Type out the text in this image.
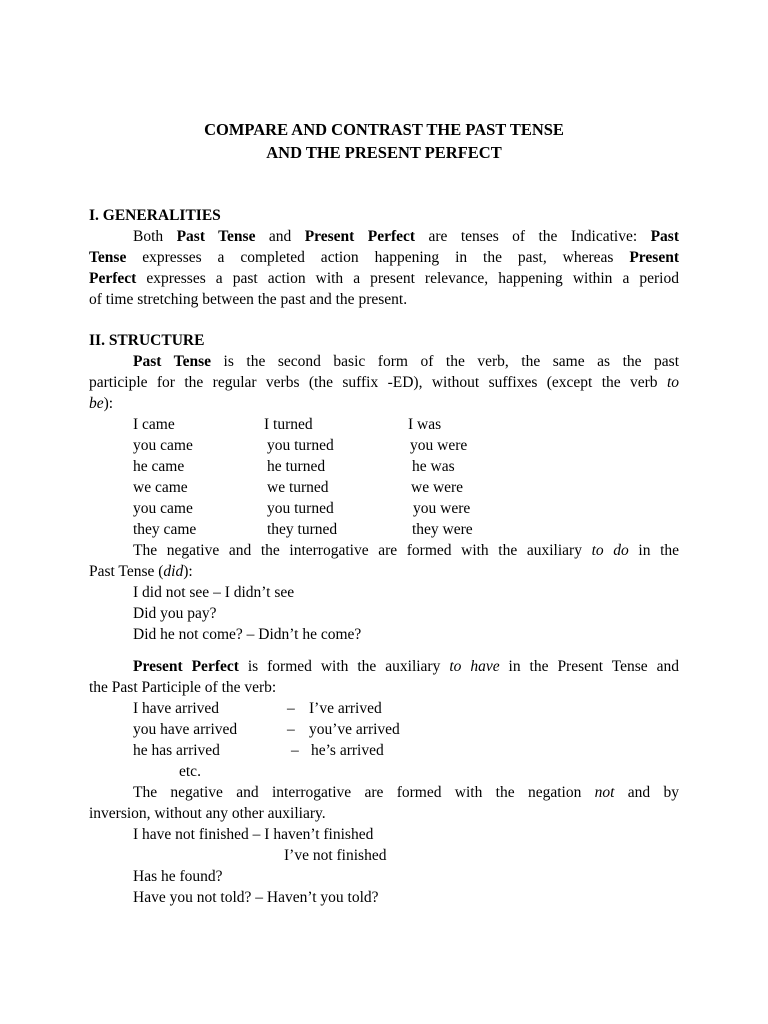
COMPARE AND CONTRAST THE PAST TENSE
AND THE PRESENT PERFECT
I. GENERALITIES
Both Past Tense and Present Perfect are tenses of the Indicative: Past
Tense expresses a completed action happening in the past, whereas Present
Perfect expresses a past action with a present relevance, happening within a period
of time stretching between the past and the present.
II. STRUCTURE
Past Tense is the second basic form of the verb, the same as the past
participle for the regular verbs (the suffix -ED), without suffixes (except the verb to
be):
I came	I turned	I was
you came	you turned	you were
he came	he turned	he was
we came	we turned	we were
you came	you turned	you were
they came	they turned	they were
The negative and the interrogative are formed with the auxiliary to do in the
Past Tense (did):
I did not see – I didn’t see
Did you pay?
Did he not come? – Didn’t he come?
Present Perfect is formed with the auxiliary to have in the Present Tense and
the Past Participle of the verb:
I have arrived	– I’ve arrived
you have arrived	– you’ve arrived
he has arrived	– he’s arrived
etc.
The negative and interrogative are formed with the negation not and by
inversion, without any other auxiliary.
I have not finished – I haven’t finished
I’ve not finished
Has he found?
Have you not told? – Haven’t you told?
